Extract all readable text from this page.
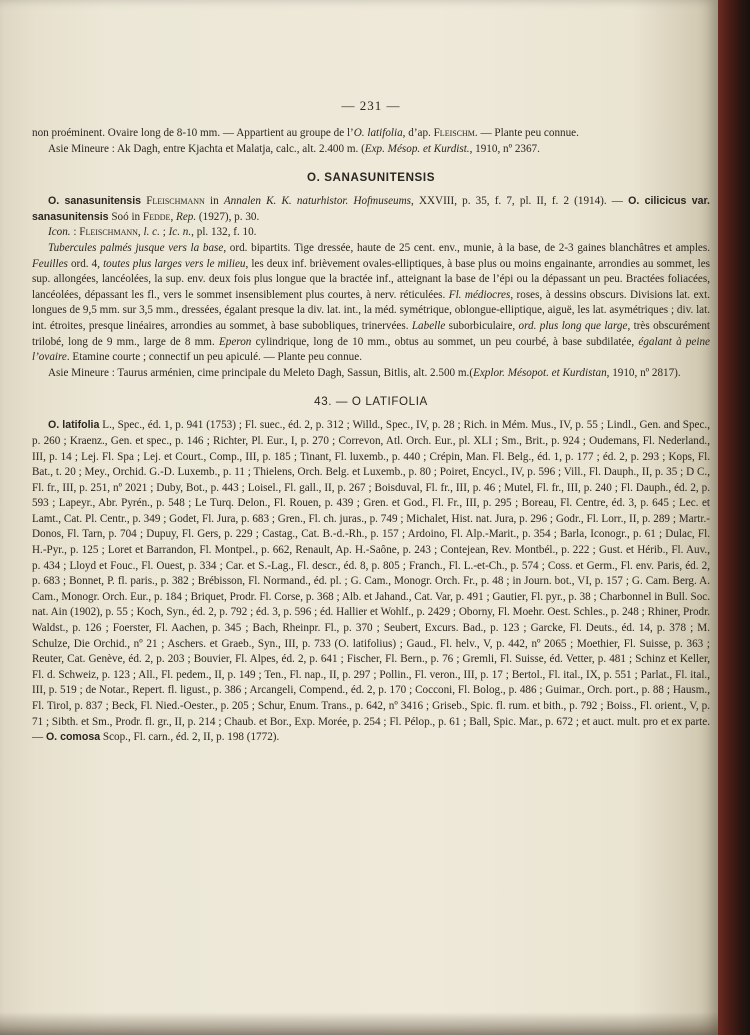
— 231 —

non proéminent. Ovaire long de 8-10 mm. — Appartient au groupe de l’O. latifolia, d’ap. Fleischm. — Plante peu connue.

Asie Mineure : Ak Dagh, entre Kjachta et Malatja, calc., alt. 2.400 m. (Exp. Mésop. et Kurdist., 1910, nº 2367.

O. SANASUNITENSIS

O. sanasunitensis Fleischmann in Annalen K. K. naturhistor. Hofmuseums, XXVIII, p. 35, f. 7, pl. II, f. 2 (1914). — O. cilicicus var. sanasunitensis Soó in Fedde, Rep. (1927), p. 30.

Icon. : Fleischmann, l. c. ; Ic. n., pl. 132, f. 10.

Tubercules palmés jusque vers la base, ord. bipartits. Tige dressée, haute de 25 cent. env., munie, à la base, de 2-3 gaines blanchâtres et amples. Feuilles ord. 4, toutes plus larges vers le milieu, les deux inf. brièvement ovales-elliptiques, à base plus ou moins engainante, arrondies au sommet, les sup. allongées, lancéolées, la sup. env. deux fois plus longue que la bractée inf., atteignant la base de l’épi ou la dépassant un peu. Bractées foliacées, lancéolées, dépassant les fl., vers le sommet insensiblement plus courtes, à nerv. réticulées. Fl. médiocres, roses, à dessins obscurs. Divisions lat. ext. longues de 9,5 mm. sur 3,5 mm., dressées, égalant presque la div. lat. int., la méd. symétrique, oblongue-elliptique, aiguë, les lat. asymétriques ; div. lat. int. étroites, presque linéaires, arrondies au sommet, à base subobliques, trinervées. Labelle suborbiculaire, ord. plus long que large, très obscurément trilobé, long de 9 mm., large de 8 mm. Eperon cylindrique, long de 10 mm., obtus au sommet, un peu courbé, à base subdilatée, égalant à peine l’ovaire. Etamine courte ; connectif un peu apiculé. — Plante peu connue.

Asie Mineure : Taurus arménien, cime principale du Meleto Dagh, Sassun, Bitlis, alt. 2.500 m.(Explor. Mésopot. et Kurdistan, 1910, nº 2817).

43. — O LATIFOLIA

O. latifolia L., Spec., éd. 1, p. 941 (1753) ; Fl. suec., éd. 2, p. 312 ; Willd., Spec., IV, p. 28 ; Rich. in Mém. Mus., IV, p. 55 ; Lindl., Gen. and Spec., p. 260 ; Kraenz., Gen. et spec., p. 146 ; Richter, Pl. Eur., I, p. 270 ; Correvon, Atl. Orch. Eur., pl. XLI ; Sm., Brit., p. 924 ; Oudemans, Fl. Nederland., III, p. 14 ; Lej. Fl. Spa ; Lej. et Court., Comp., III, p. 185 ; Tinant, Fl. luxemb., p. 440 ; Crépin, Man. Fl. Belg., éd. 1, p. 177 ; éd. 2, p. 293 ; Kops, Fl. Bat., t. 20 ; Mey., Orchid. G.-D. Luxemb., p. 11 ; Thielens, Orch. Belg. et Luxemb., p. 80 ; Poiret, Encycl., IV, p. 596 ; Vill., Fl. Dauph., II, p. 35 ; D C., Fl. fr., III, p. 251, nº 2021 ; Duby, Bot., p. 443 ; Loisel., Fl. gall., II, p. 267 ; Boisduval, Fl. fr., III, p. 46 ; Mutel, Fl. fr., III, p. 240 ; Fl. Dauph., éd. 2, p. 593 ; Lapeyr., Abr. Pyrén., p. 548 ; Le Turq. Delon., Fl. Rouen, p. 439 ; Gren. et God., Fl. Fr., III, p. 295 ; Boreau, Fl. Centre, éd. 3, p. 645 ; Lec. et Lamt., Cat. Pl. Centr., p. 349 ; Godet, Fl. Jura, p. 683 ; Gren., Fl. ch. juras., p. 749 ; Michalet, Hist. nat. Jura, p. 296 ; Godr., Fl. Lorr., II, p. 289 ; Martr.-Donos, Fl. Tarn, p. 704 ; Dupuy, Fl. Gers, p. 229 ; Castag., Cat. B.-d.-Rh., p. 157 ; Ardoino, Fl. Alp.-Marit., p. 354 ; Barla, Iconogr., p. 61 ; Dulac, Fl. H.-Pyr., p. 125 ; Loret et Barrandon, Fl. Montpel., p. 662, Renault, Ap. H.-Saône, p. 243 ; Contejean, Rev. Montbél., p. 222 ; Gust. et Hérib., Fl. Auv., p. 434 ; Lloyd et Fouc., Fl. Ouest, p. 334 ; Car. et S.-Lag., Fl. descr., éd. 8, p. 805 ; Franch., Fl. L.-et-Ch., p. 574 ; Coss. et Germ., Fl. env. Paris, éd. 2, p. 683 ; Bonnet, P. fl. paris., p. 382 ; Brébisson, Fl. Normand., éd. pl. ; G. Cam., Monogr. Orch. Fr., p. 48 ; in Journ. bot., VI, p. 157 ; G. Cam. Berg. A. Cam., Monogr. Orch. Eur., p. 184 ; Briquet, Prodr. Fl. Corse, p. 368 ; Alb. et Jahand., Cat. Var, p. 491 ; Gautier, Fl. pyr., p. 38 ; Charbonnel in Bull. Soc. nat. Ain (1902), p. 55 ; Koch, Syn., éd. 2, p. 792 ; éd. 3, p. 596 ; éd. Hallier et Wohlf., p. 2429 ; Oborny, Fl. Moehr. Oest. Schles., p. 248 ; Rhiner, Prodr. Waldst., p. 126 ; Foerster, Fl. Aachen, p. 345 ; Bach, Rheinpr. Fl., p. 370 ; Seubert, Excurs. Bad., p. 123 ; Garcke, Fl. Deuts., éd. 14, p. 378 ; M. Schulze, Die Orchid., nº 21 ; Aschers. et Graeb., Syn., III, p. 733 (O. latifolius) ; Gaud., Fl. helv., V, p. 442, nº 2065 ; Moethier, Fl. Suisse, p. 363 ; Reuter, Cat. Genève, éd. 2, p. 203 ; Bouvier, Fl. Alpes, éd. 2, p. 641 ; Fischer, Fl. Bern., p. 76 ; Gremli, Fl. Suisse, éd. Vetter, p. 481 ; Schinz et Keller, Fl. d. Schweiz, p. 123 ; All., Fl. pedem., II, p. 149 ; Ten., Fl. nap., II, p. 297 ; Pollin., Fl. veron., III, p. 17 ; Bertol., Fl. ital., IX, p. 551 ; Parlat., Fl. ital., III, p. 519 ; de Notar., Repert. fl. ligust., p. 386 ; Arcangeli, Compend., éd. 2, p. 170 ; Cocconi, Fl. Bolog., p. 486 ; Guimar., Orch. port., p. 88 ; Hausm., Fl. Tirol, p. 837 ; Beck, Fl. Nied.-Oester., p. 205 ; Schur, Enum. Trans., p. 642, nº 3416 ; Griseb., Spic. fl. rum. et bith., p. 792 ; Boiss., Fl. orient., V, p. 71 ; Sibth. et Sm., Prodr. fl. gr., II, p. 214 ; Chaub. et Bor., Exp. Morée, p. 254 ; Fl. Pélop., p. 61 ; Ball, Spic. Mar., p. 672 ; et auct. mult. pro et ex parte. — O. comosa Scop., Fl. carn., éd. 2, II, p. 198 (1772).
